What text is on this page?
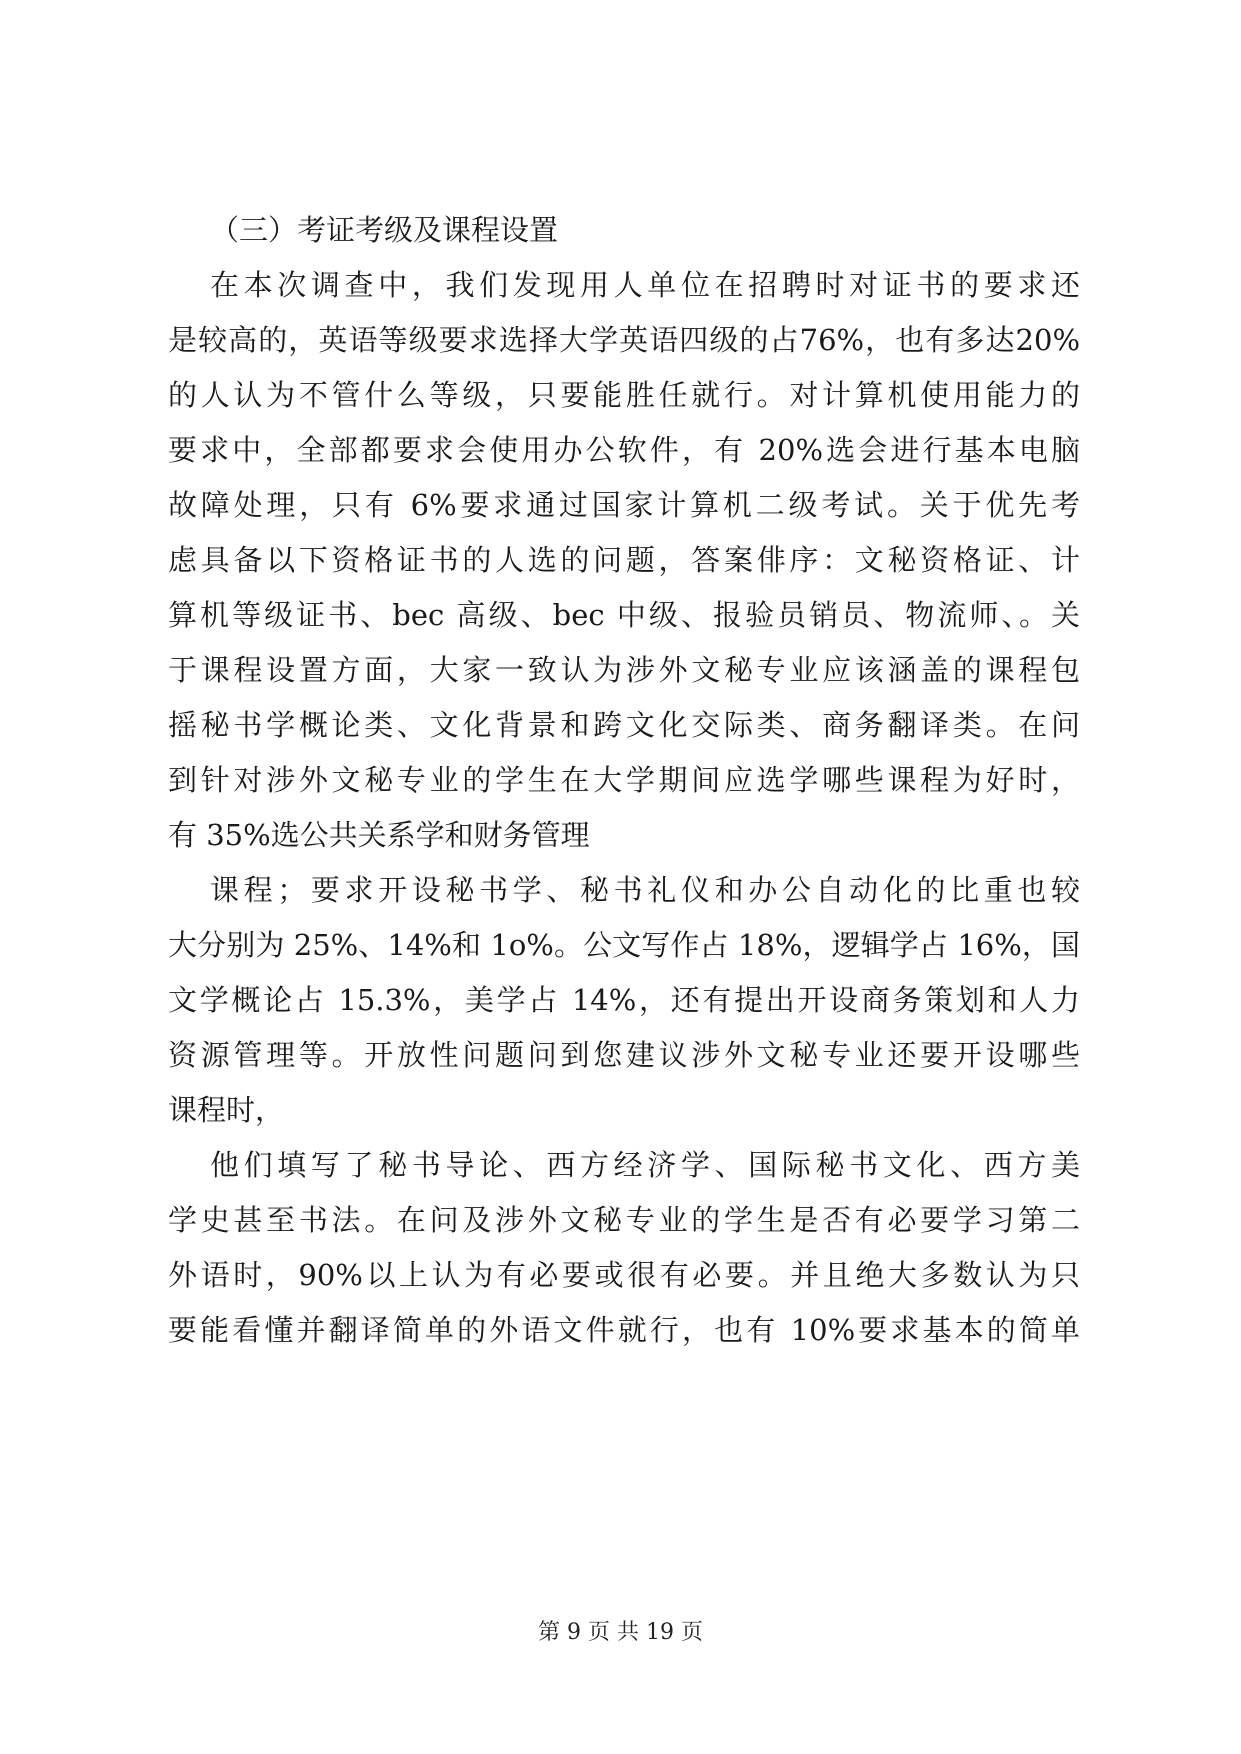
（三）考证考级及课程设置
在本次调查中，我们发现用人单位在招聘时对证书的要求还
是较高的，英语等级要求选择大学英语四级的占76%，也有多达20%
的人认为不管什么等级，只要能胜任就行。对计算机使用能力的
要求中，全部都要求会使用办公软件，有 20%选会进行基本电脑
故障处理，只有 6%要求通过国家计算机二级考试。关于优先考
虑具备以下资格证书的人选的问题，答案俳序：文秘资格证、计
算机等级证书、bec 高级、bec 中级、报验员销员、物流师、。关
于课程设置方面，大家一致认为涉外文秘专业应该涵盖的课程包
摇秘书学概论类、文化背景和跨文化交际类、商务翻译类。在问
到针对涉外文秘专业的学生在大学期间应选学哪些课程为好时，
有 35%选公共关系学和财务管理
课程；要求开设秘书学、秘书礼仪和办公自动化的比重也较
大分别为 25%、14%和 1o%。公文写作占 18%，逻辑学占 16%，国
文学概论占 15.3%，美学占 14%，还有提出开设商务策划和人力
资源管理等。开放性问题问到您建议涉外文秘专业还要开设哪些
课程时，
他们填写了秘书导论、西方经济学、国际秘书文化、西方美
学史甚至书法。在问及涉外文秘专业的学生是否有必要学习第二
外语时，90%以上认为有必要或很有必要。并且绝大多数认为只
要能看懂并翻译简单的外语文件就行，也有 10%要求基本的简单
第 9 页 共 19 页
